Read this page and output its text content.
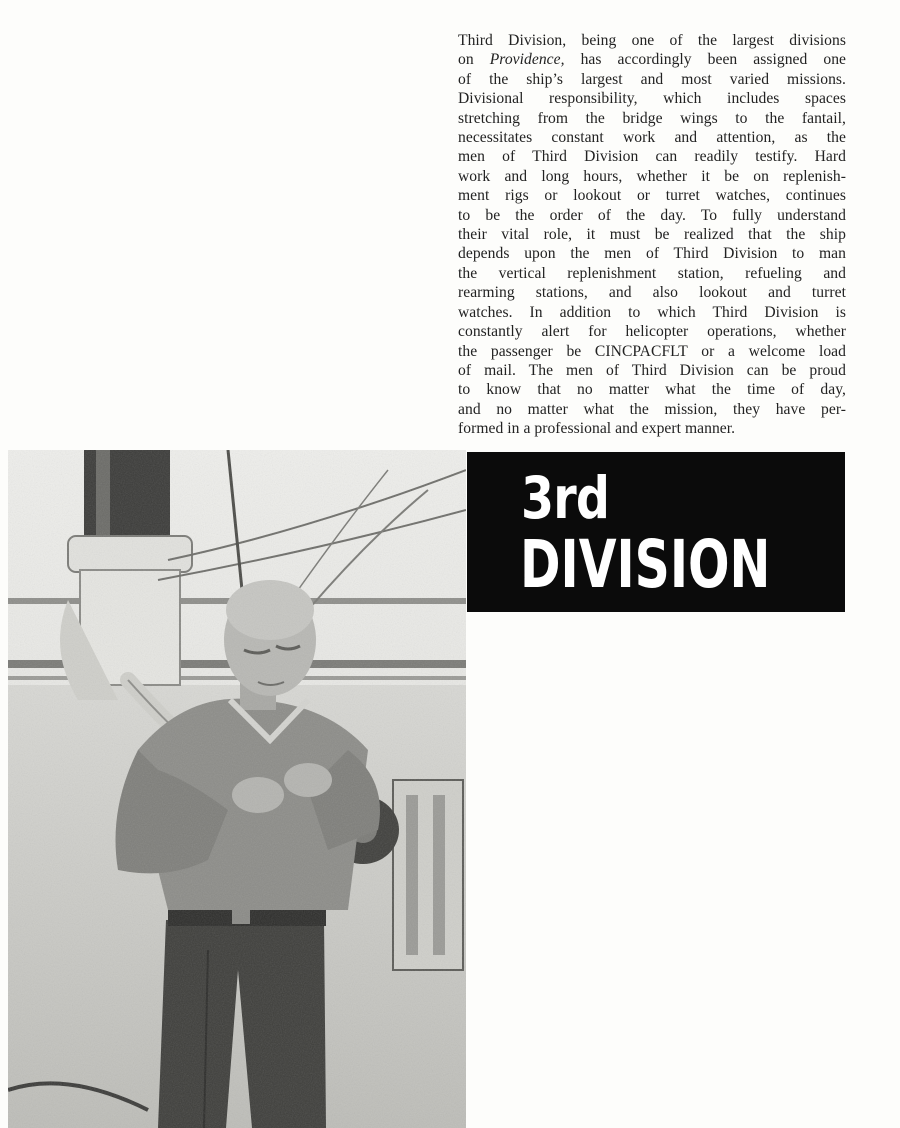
Third Division, being one of the largest divisions
on Providence, has accordingly been assigned one
of the ship’s largest and most varied missions.
Divisional responsibility, which includes spaces
stretching from the bridge wings to the fantail,
necessitates constant work and attention, as the
men of Third Division can readily testify. Hard
work and long hours, whether it be on replenish-
ment rigs or lookout or turret watches, continues
to be the order of the day. To fully understand
their vital role, it must be realized that the ship
depends upon the men of Third Division to man
the vertical replenishment station, refueling and
rearming stations, and also lookout and turret
watches. In addition to which Third Division is
constantly alert for helicopter operations, whether
the passenger be CINCPACFLT or a welcome load
of mail. The men of Third Division can be proud
to know that no matter what the time of day,
and no matter what the mission, they have per-
formed in a professional and expert manner.
3rd
DIVISION
